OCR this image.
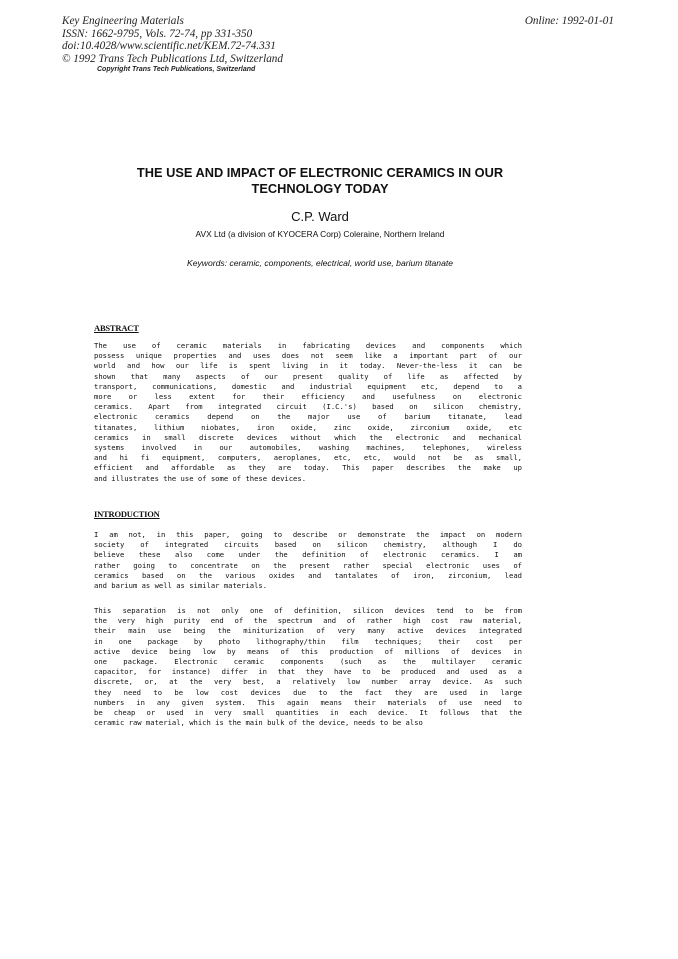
Key Engineering Materials
ISSN: 1662-9795, Vols. 72-74, pp 331-350
doi:10.4028/www.scientific.net/KEM.72-74.331
© 1992 Trans Tech Publications Ltd, Switzerland
Online: 1992-01-01
Copyright Trans Tech Publications, Switzerland
THE USE AND IMPACT OF ELECTRONIC CERAMICS IN OUR
TECHNOLOGY TODAY
C.P. Ward
AVX Ltd (a division of KYOCERA Corp) Coleraine, Northern Ireland
Keywords: ceramic, components, electrical, world use, barium titanate
ABSTRACT
The use of ceramic materials in fabricating devices and components which
possess unique properties and uses does not seem like a important part of our
world and how our life is spent living in it today. Never-the-less it can be
shown that many aspects of our present quality of life as affected by
transport, communications, domestic and industrial equipment etc, depend to a
more or less extent for their efficiency and usefulness on electronic
ceramics. Apart from integrated circuit (I.C.'s) based on silicon chemistry,
electronic ceramics depend on the major use of barium titanate, lead
titanates, lithium niobates, iron oxide, zinc oxide, zirconium oxide, etc
ceramics in small discrete devices without which the electronic and mechanical
systems involved in our automobiles, washing machines, telephones, wireless
and hi fi equipment, computers, aeroplanes, etc, etc, would not be as small,
efficient and affordable as they are today. This paper describes the make up
and illustrates the use of some of these devices.
INTRODUCTION
I am not, in this paper, going to describe or demonstrate the impact on modern
society of integrated circuits based on silicon chemistry, although I do
believe these also come under the definition of electronic ceramics. I am
rather going to concentrate on the present rather special electronic uses of
ceramics based on the various oxides and tantalates of iron, zirconium, lead
and barium as well as similar materials.
This separation is not only one of definition, silicon devices tend to be from
the very high purity end of the spectrum and of rather high cost raw material,
their main use being the miniturization of very many active devices integrated
in one package by photo lithography/thin film techniques; their cost per
active device being low by means of this production of millions of devices in
one package. Electronic ceramic components (such as the multilayer ceramic
capacitor, for instance) differ in that they have to be produced and used as a
discrete, or, at the very best, a relatively low number array device. As such
they need to be low cost devices due to the fact they are used in large
numbers in any given system. This again means their materials of use need to
be cheap or used in very small quantities in each device. It follows that the
ceramic raw material, which is the main bulk of the device, needs to be also
